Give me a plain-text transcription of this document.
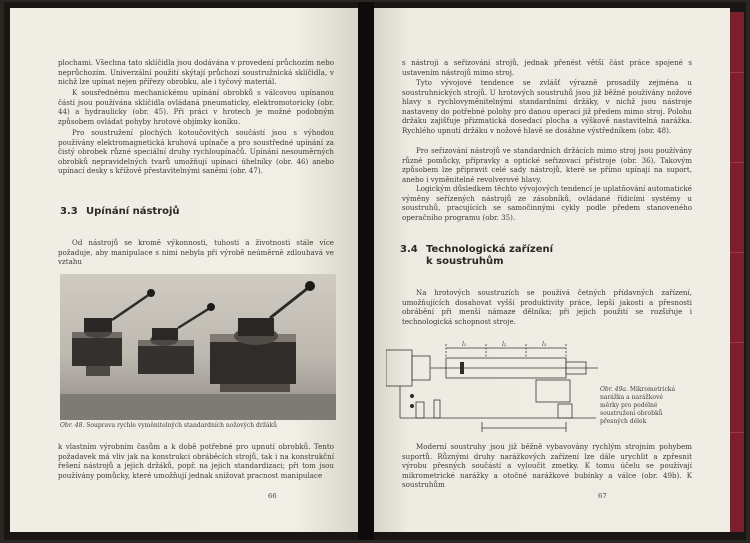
plochami. Všechna tato sklíčidla jsou dodávána v provedení průchozím nebo neprůchozím. Univerzální použití skýtají průchozí soustružnická sklíčidla, v nichž lze upínat nejen přířezy obrobku, ale i tyčový materiál.

K sousřednému mechanickému upínání obrobků s válcovou upínanou částí jsou používána sklíčidla ovládaná pneumaticky, elektromotoricky (obr. 44) a hydraulicky (obr. 45). Při práci v hrotech je možné podobným způsobem ovládat pohyby hrotové objímky koníku.

Pro soustružení plochých kotoučovitých součástí jsou s výhodou používány elektromagnetická kruhová upínače a pro soustředné upínání za čistý obrobek různé speciální druhy rychloupínačů. Upínání nesouměrných obrobků nepravidelných tvarů umožňují upínací úhelníky (obr. 46) anebo upínací desky s křížově přestavitelnými saněmi (obr. 47).

3.3 Upínání nástrojů

Od nástrojů se kromě výkonnosti, tuhosti a životnosti stále více požaduje, aby manipulace s nimi nebyla při výrobě neúměrně zdlouhavá ve vztahu

Obr. 48. Souprava rychle vyměnitelných standardních nožových držáků

k vlastním výrobním časům a k době potřebné pro upnutí obrobků. Tento požadavek má vliv jak na konstrukci obráběcích strojů, tak i na konstrukční řešení nástrojů a jejich držáků, popř. na jejich standardizaci; při tom jsou používány pomůcky, které umožňují jednak snižovat pracnost manipulace

66

s nástroji a seřizování strojů, jednak přenést větší část práce spojené s ustavením nástrojů mimo stroj.

Tyto vývojové tendence se zvlášť výrazně prosadily zejména u soustruhnických strojů. U hrotových soustruhů jsou již běžné používány nožové hlavy s rychlovyměnitelnými standardními držáky, v nichž jsou nástroje nastaveny do potřebné polohy pro danou operaci již předem mimo stroj. Polohu držáku zajišťuje přizmatická dosedací plocha a výškově nastavitelná narážka. Rychlého upnutí držáku v nožové hlavě se dosáhne výstředníkem (obr. 48).

Pro seřizování nástrojů ve standardních držácích mimo stroj jsou používány různé pomůcky, přípravky a optické seřizovací přístroje (obr. 36). Takovým způsobem lze připravit celé sady nástrojů, které se přímo upínají na suport, anebo i vyměnitelné revolverové hlavy.

Logickým důsledkem těchto vývojových tendencí je uplatňování automatické výměny seřízených nástrojů ze zásobníků, ovládané řídicími systémy u soustruhů, pracujících se samočinnými cykly podle předem stanoveného operačního programu (obr. 35).

3.4 Technologická zařízení
k soustruhům

Na hrotových soustruzích se používá četných přídavných zařízení, umožňujících dosahovat vyšší produktivity práce, lepší jakosti a přesnosti obrábění při menší námaze dělníka; při jejich použití se rozšiřuje i technologická schopnost stroje.

l₁	l₂	l₃
Obr. 49a. Mikrometrická
narážka a narážkové
měrky pro podélné
soustružení obrobků
přesných délek

Moderní soustruhy jsou již běžně vybavovány rychlým strojním pohybem suportů. Různými druhy narážkových zařízení lze dále urychlit a zpřesnit výrobu přesných součástí a vyloučit zmetky. K tomu účelu se používají mikrometrické narážky a otočné narážkové bubínky a válce (obr. 49b). K soustruhům

67
